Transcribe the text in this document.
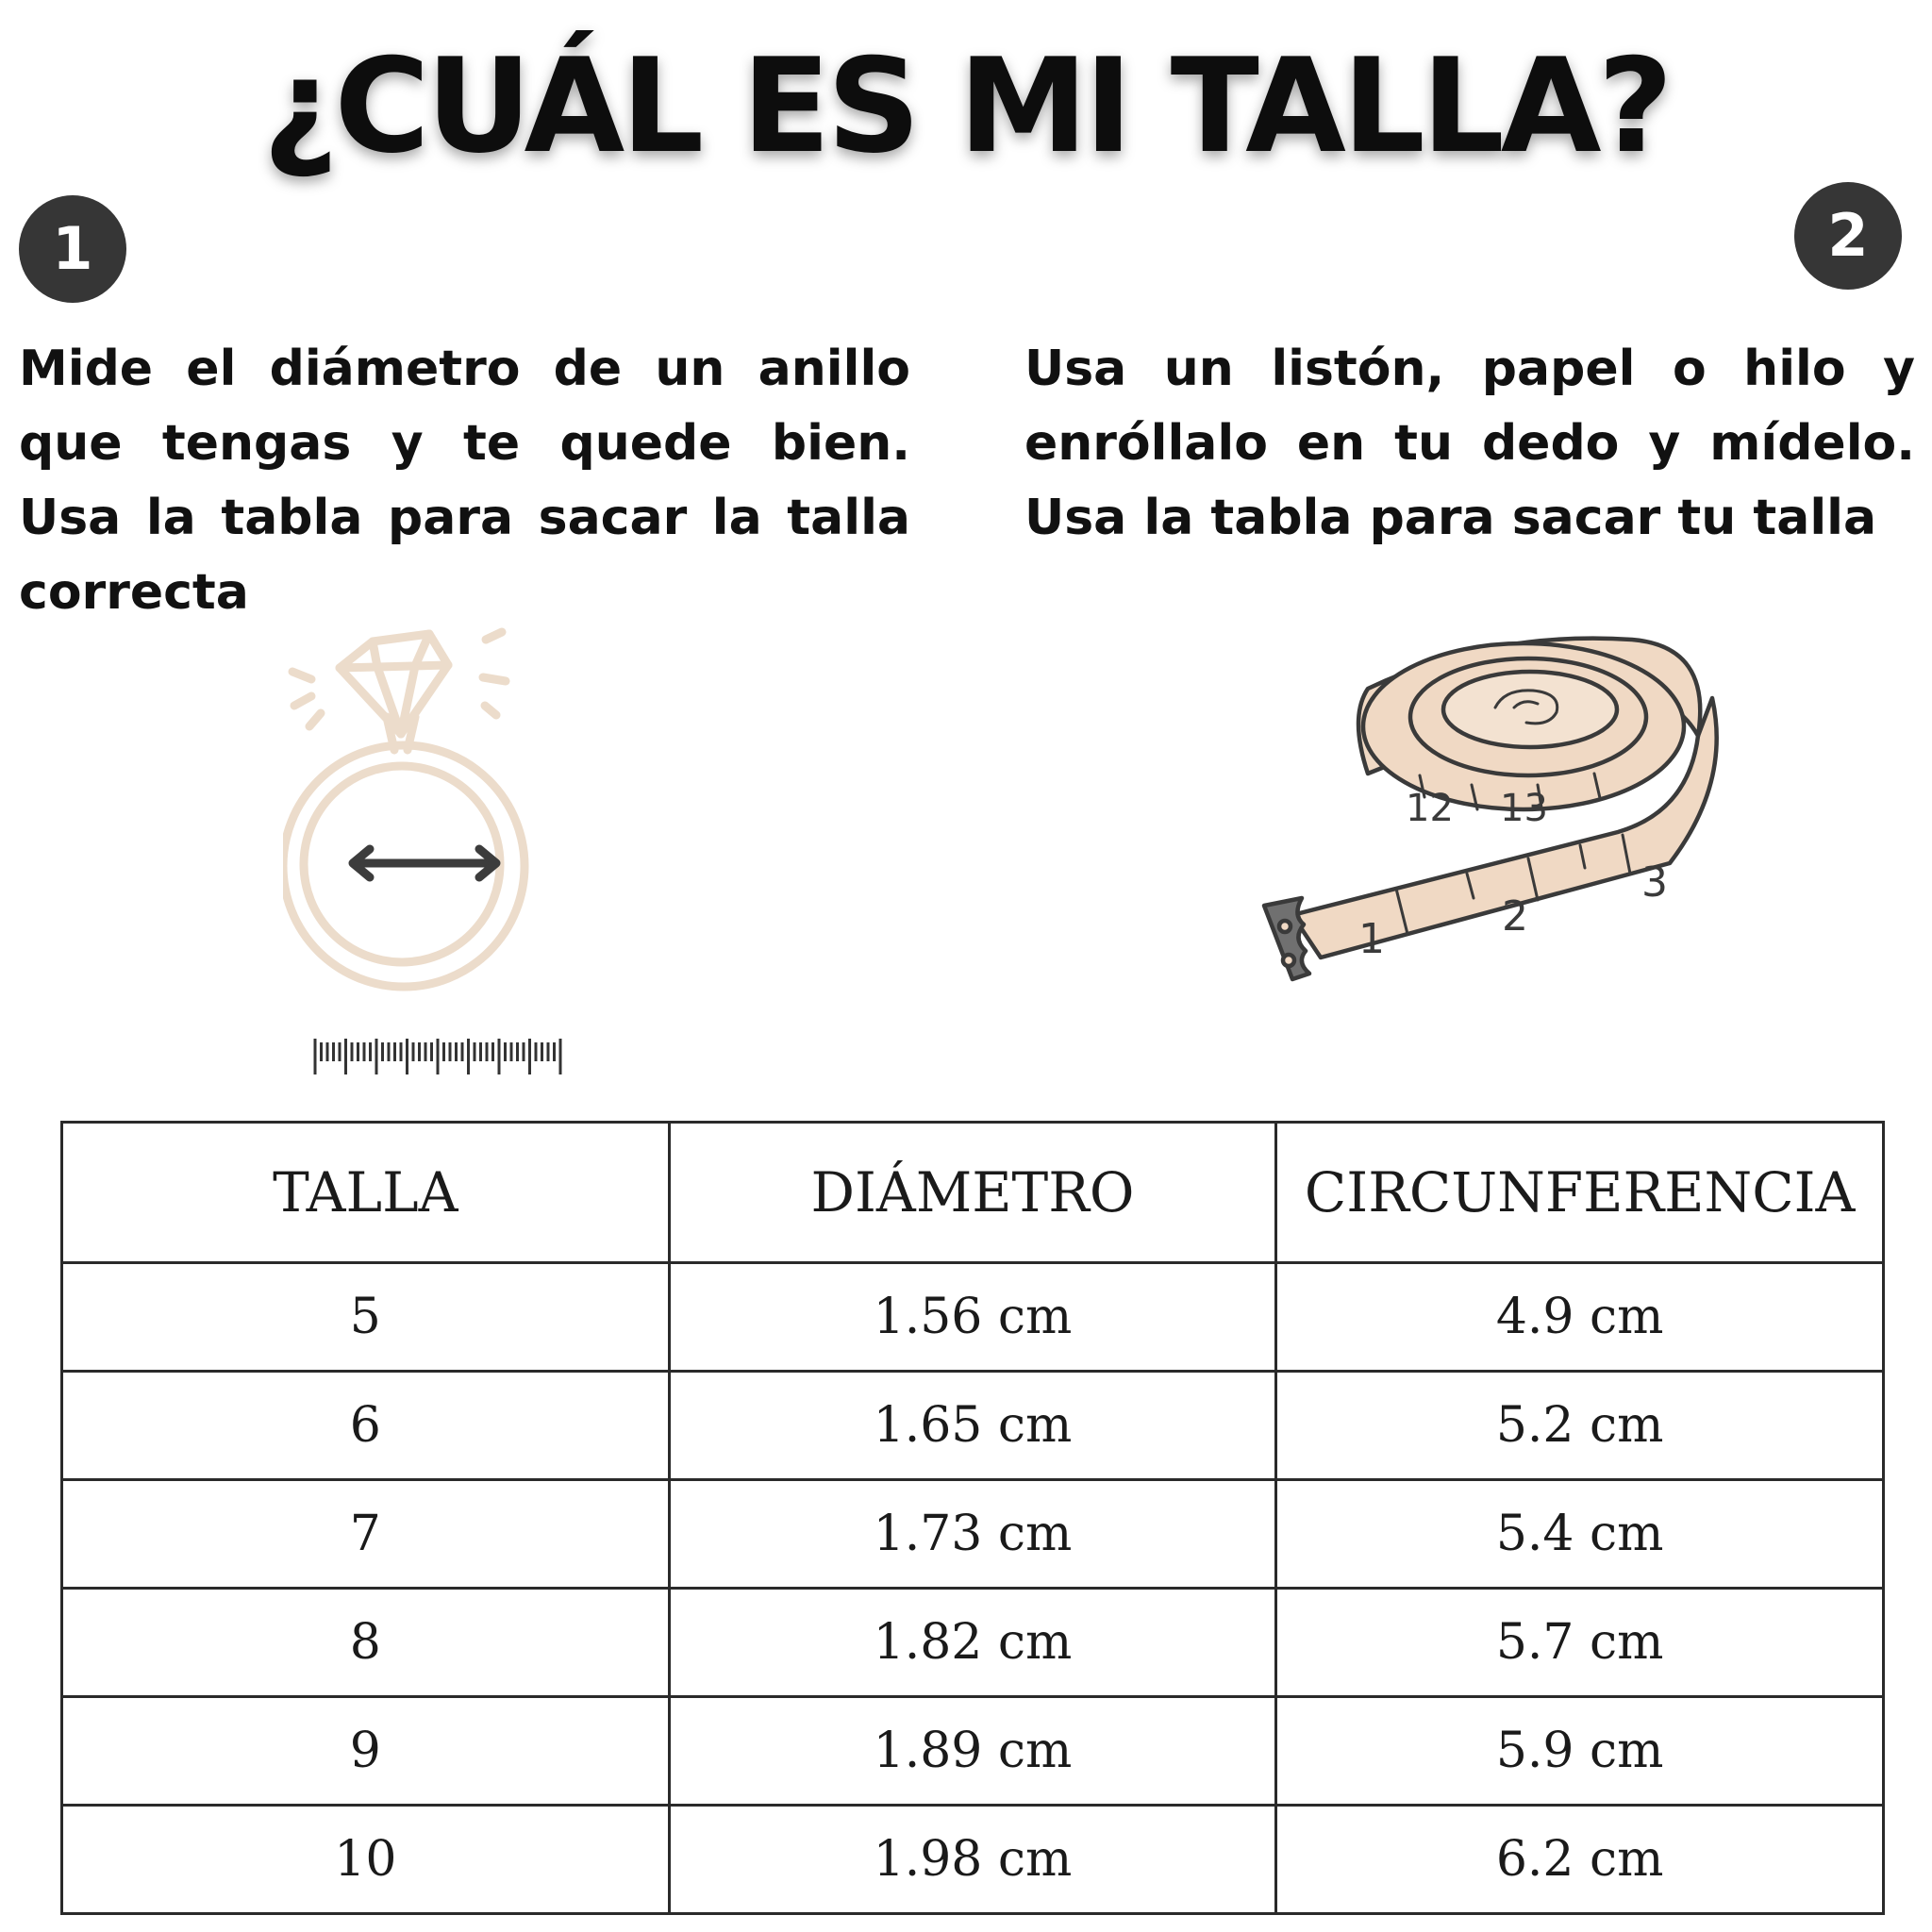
¿CUÁL ES MI TALLA?
1	2
Mide el diámetro de un anillo que tengas y te quede bien. Usa la tabla para sacar la talla correcta
Usa un listón, papel o hilo y enróllalo en tu dedo y mídelo. Usa la tabla para sacar tu talla
1	2
3
12 13
TALLA	DIÁMETRO	CIRCUNFERENCIA
5	1.56 cm	4.9 cm
6	1.65 cm	5.2 cm
7	1.73 cm	5.4 cm
8	1.82 cm	5.7 cm
9	1.89 cm	5.9 cm
10	1.98 cm	6.2 cm
